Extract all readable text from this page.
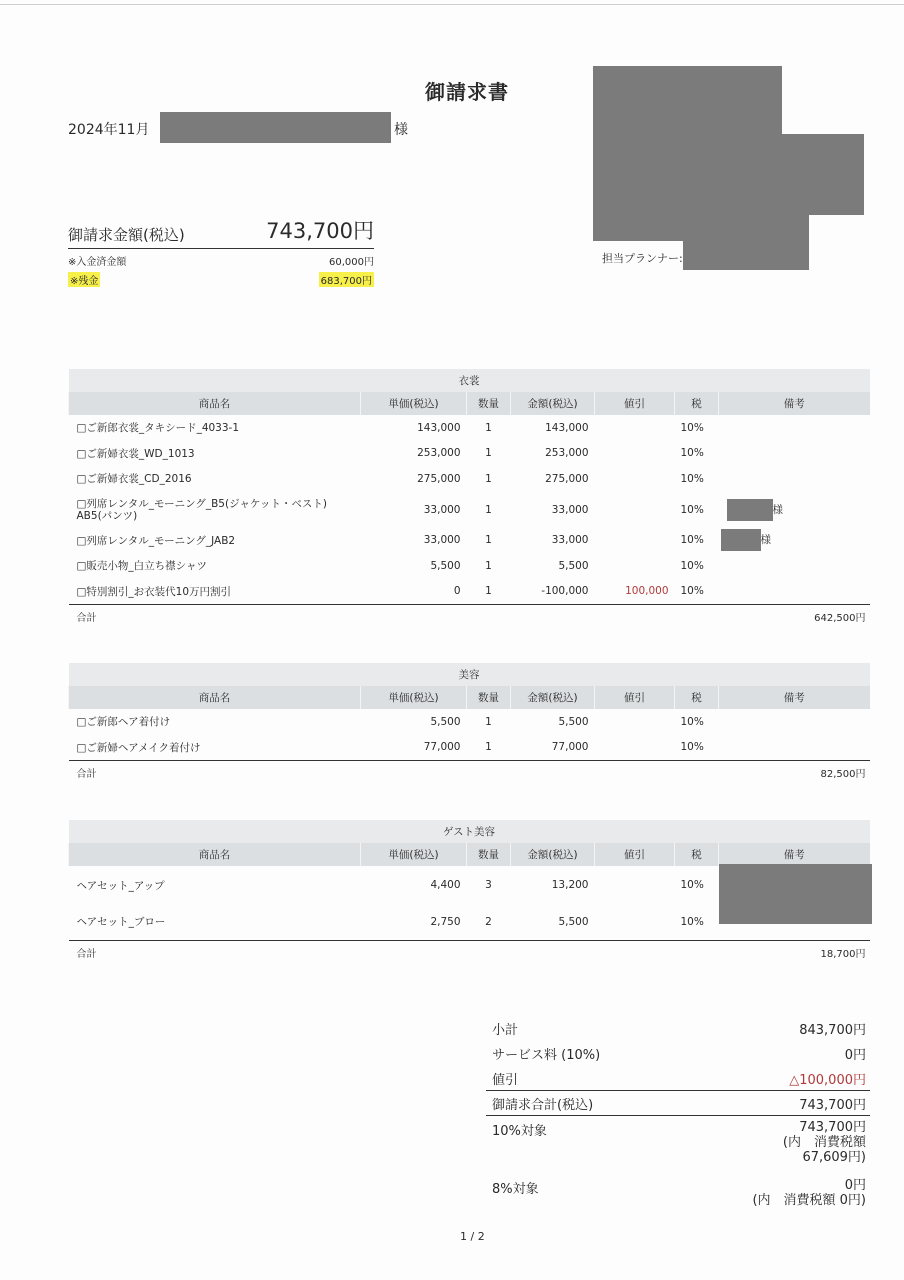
御請求書
2024年11月	様
担当プランナー:
御請求金額(税込)	743,700円
※入金済金額	60,000円
※残金	683,700円
衣裳						
商品名	単価(税込)	数量	金額(税込)	値引	税	備考
□ご新郎衣裳_タキシード_4033-1	143,000	1	143,000		10%	
□ご新婦衣裳_WD_1013	253,000	1	253,000		10%	
□ご新婦衣裳_CD_2016	275,000	1	275,000		10%	

□列席レンタル_モーニング_B5(ジャケット・ベスト)
AB5(パンツ)	33,000	1	33,000		10%	様
□列席レンタル_モーニング_JAB2	33,000	1	33,000		10%	様
□販売小物_白立ち襟シャツ	5,500	1	5,500		10%	
□特別割引_お衣装代10万円割引	0	1	-100,000	100,000	10%	
合計	642,500円					
美容						
商品名	単価(税込)	数量	金額(税込)	値引	税	備考
□ご新郎ヘア着付け	5,500	1	5,500		10%	
□ご新婦ヘアメイク着付け	77,000	1	77,000		10%	
合計	82,500円					
ゲスト美容						
商品名	単価(税込)	数量	金額(税込)	値引	税	備考
ヘアセット_アップ	4,400	3	13,200		10%	

ヘアセット_ブロー	2,750	2	5,500		10%	
合計	18,700円					
小計	843,700円
サービス料 (10%)	0円
値引	△100,000円
御請求合計(税込)	743,700円
10%対象	743,700円
(内　消費税額
67,609円)
8%対象	0円
(内　消費税額 0円)
1 / 2
